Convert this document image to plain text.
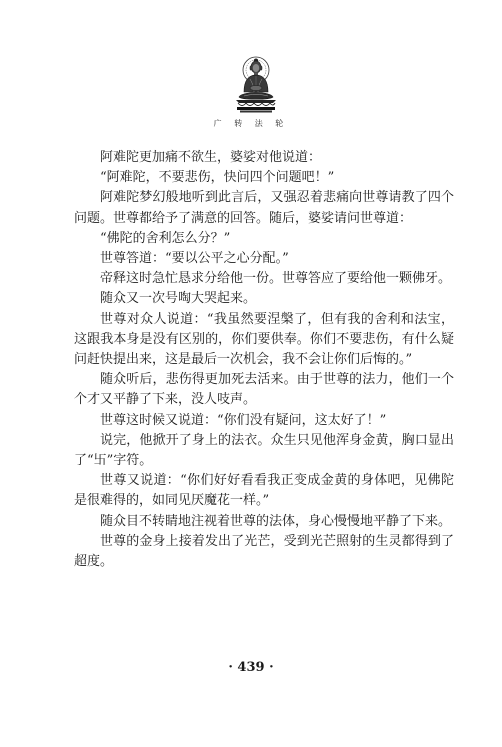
广 转 法 轮

阿难陀更加痛不欲生，婆娑对他说道：

“阿难陀，不要悲伤，快问四个问题吧！”

阿难陀梦幻般地听到此言后，又强忍着悲痛向世尊请教了四个问题。世尊都给予了满意的回答。随后，婆娑请问世尊道：

“佛陀的舍利怎么分？”

世尊答道：“要以公平之心分配。”

帝释这时急忙恳求分给他一份。世尊答应了要给他一颗佛牙。

随众又一次号啕大哭起来。

世尊对众人说道：“我虽然要涅槃了，但有我的舍利和法宝，这跟我本身是没有区别的，你们要供奉。你们不要悲伤，有什么疑问赶快提出来，这是最后一次机会，我不会让你们后悔的。”

随众听后，悲伤得更加死去活来。由于世尊的法力，他们一个个才又平静了下来，没人吱声。

世尊这时候又说道：“你们没有疑问，这太好了！”

说完，他掀开了身上的法衣。众生只见他浑身金黄，胸口显出了“卐”字符。

世尊又说道：“你们好好看看我正变成金黄的身体吧，见佛陀是很难得的，如同见厌魔花一样。”

随众目不转睛地注视着世尊的法体，身心慢慢地平静了下来。

世尊的金身上接着发出了光芒，受到光芒照射的生灵都得到了超度。

· 439 ·
